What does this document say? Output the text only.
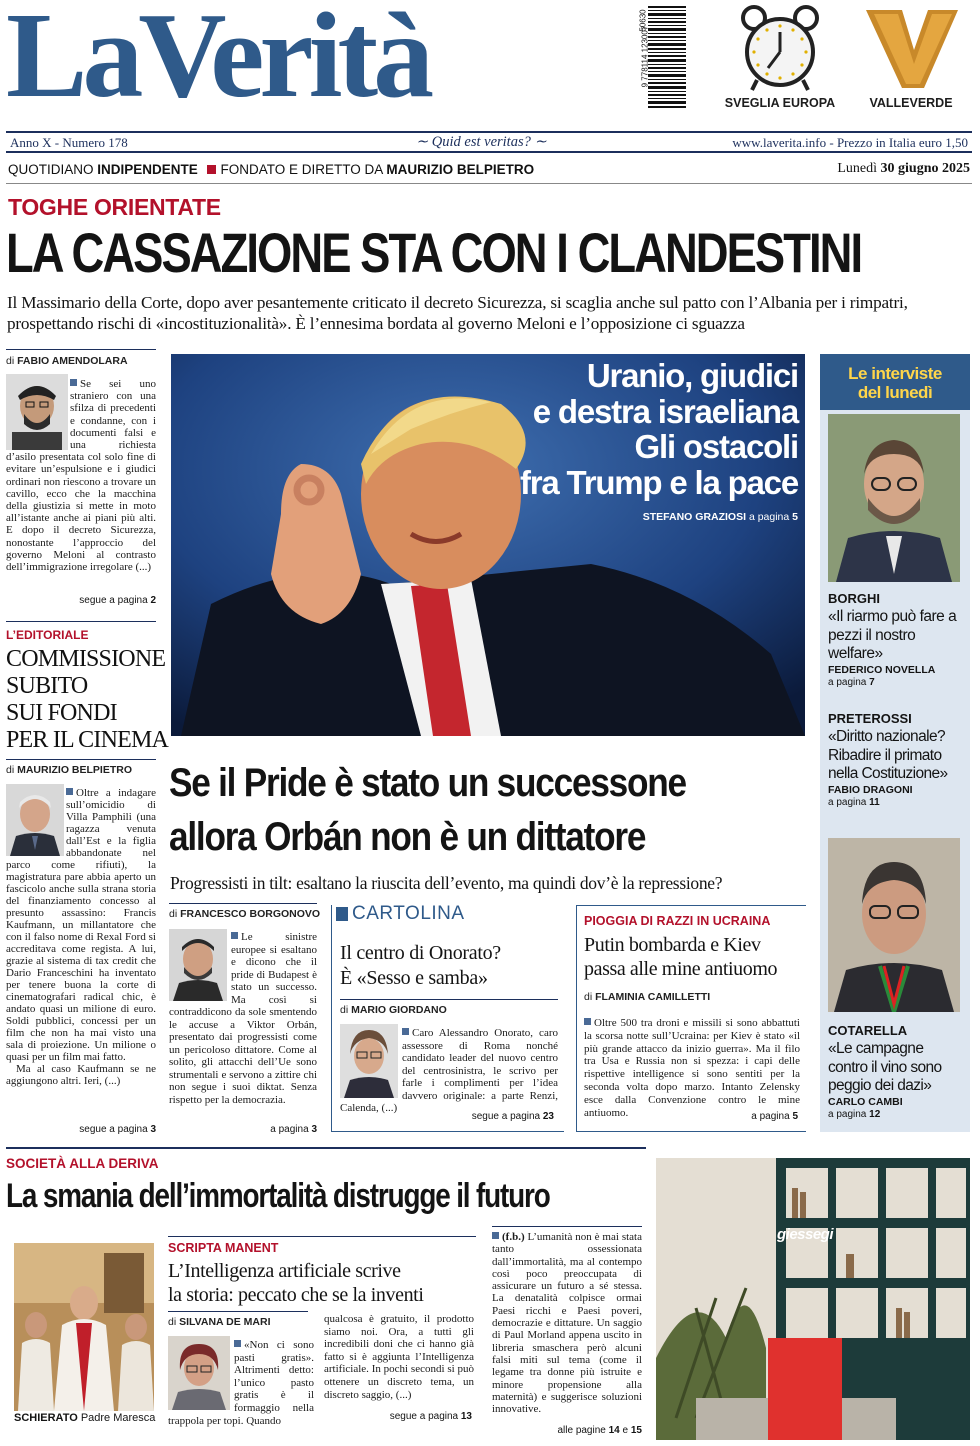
LaVerità	9 778114 123007
50630
SVEGLIA EUROPA	VALLEVERDE
Anno X - Numero 178	∼ Quid est veritas? ∼	www.laverita.info - Prezzo in Italia euro 1,50
QUOTIDIANO INDIPENDENTE FONDATO E DIRETTO DA MAURIZIO BELPIETRO	Lunedì 30 giugno 2025
TOGHE ORIENTATE
LA CASSAZIONE STA CON I CLANDESTINI
Il Massimario della Corte, dopo aver pesantemente criticato il decreto Sicurezza, si scaglia anche sul patto con l’Albania per i rimpatri, prospettando rischi di «incostituzionalità». È l’ennesima bordata al governo Meloni e l’opposizione ci sguazza
di FABIO AMENDOLARA
Se sei uno straniero con una sfilza di precedenti e condanne, con i documenti falsi e una richiesta d’asilo presentata col solo fine di evitare un’espulsione e i giudici ordinari non riescono a trovare un cavillo, ecco che la macchina della giustizia si mette in moto all’istante anche ai piani più alti. E dopo il decreto Sicurezza, nonostante l’approccio del governo Meloni al contrasto dell’immigrazione irregolare (...)
segue a pagina 2
L’EDITORIALE
COMMISSIONE
SUBITO
SUI FONDI
PER IL CINEMA
di MAURIZIO BELPIETRO
Oltre a indagare sull’omicidio di Villa Pamphili (una ragazza venuta dall’Est e la figlia abbandonate nel parco come rifiuti), la magistratura pare abbia aperto un fascicolo anche sulla strana storia del finanziamento concesso al presunto assassino: Francis Kaufmann, un millantatore che con il falso nome di Rexal Ford si accreditava come regista. A lui, grazie al sistema di tax credit che Dario Franceschini ha inventato per tenere buona la corte di cinematografari radical chic, è andato quasi un milione di euro. Soldi pubblici, concessi per un film che non ha mai visto una sala di proiezione. Un milione o quasi per un film mai fatto.
Ma al caso Kaufmann se ne aggiungono altri. Ieri, (...)
segue a pagina 3
Uranio, giudici
e destra israeliana
Gli ostacoli
fra Trump e la pace
STEFANO GRAZIOSI a pagina 5
Se il Pride è stato un successone
allora Orbán non è un dittatore
Progressisti in tilt: esaltano la riuscita dell’evento, ma quindi dov’è la repressione?
di FRANCESCO BORGONOVO
Le sinistre europee si esaltano e dicono che il pride di Budapest è stato un successo. Ma così si contraddicono da sole smentendo le accuse a Viktor Orbán, presentato dai progressisti come un pericoloso dittatore. Come al solito, gli attacchi dell’Ue sono strumentali e servono a zittire chi non segue i suoi diktat. Senza rispetto per la democrazia.
a pagina 3
CARTOLINA
Il centro di Onorato?
È «Sesso e samba»
di MARIO GIORDANO
Caro Alessandro Onorato, caro assessore di Roma nonché candidato leader del nuovo centro del centrosinistra, le scrivo per farle i complimenti per l’idea davvero originale: a parte Renzi, Calenda, (...)
segue a pagina 23
PIOGGIA DI RAZZI IN UCRAINA
Putin bombarda e Kiev
passa alle mine antiuomo
di FLAMINIA CAMILLETTI
Oltre 500 tra droni e missili si sono abbattuti la scorsa notte sull’Ucraina: per Kiev è stato «il più grande attacco da inizio guerra». Ma il filo tra Usa e Russia non si spezza: i capi delle rispettive intelligence si sono sentiti per la seconda volta dopo marzo. Intanto Zelensky esce dalla Convenzione contro le mine antiuomo.	a pagina 5
Le interviste
del lunedì
BORGHI
«Il riarmo può fare a pezzi il nostro welfare»
FEDERICO NOVELLA
a pagina 7
PRETEROSSI
«Diritto nazionale? Ribadire il primato nella Costituzione»
FABIO DRAGONI
a pagina 11
COTARELLA
«Le campagne contro il vino sono peggio dei dazi»
CARLO CAMBI
a pagina 12
SOCIETÀ ALLA DERIVA
La smania dell’immortalità distrugge il futuro
SCHIERATO Padre Maresca
SCRIPTA MANENT
L’Intelligenza artificiale scrive
la storia: peccato che se la inventi
di SILVANA DE MARI
«Non ci sono pasti gratis». Altrimenti detto: l’unico pasto gratis è il formaggio nella trappola per topi. Quando
qualcosa è gratuito, il prodotto siamo noi. Ora, a tutti gli incredibili doni che ci hanno già fatto si è aggiunta l’Intelligenza artificiale. In pochi secondi si può ottenere un discreto tema, un discreto saggio, (...)
segue a pagina 13
(f.b.) L’umanità non è mai stata tanto ossessionata dall’immortalità, ma al contempo così poco preoccupata di assicurare un futuro a sé stessa. La denatalità colpisce ormai Paesi ricchi e Paesi poveri, democrazie e dittature. Un saggio di Paul Morland appena uscito in libreria smaschera però alcuni falsi miti sul tema (come il legame tra donne più istruite e minore propensione alla maternità) e suggerisce soluzioni innovative.
alle pagine 14 e 15
giessegi
